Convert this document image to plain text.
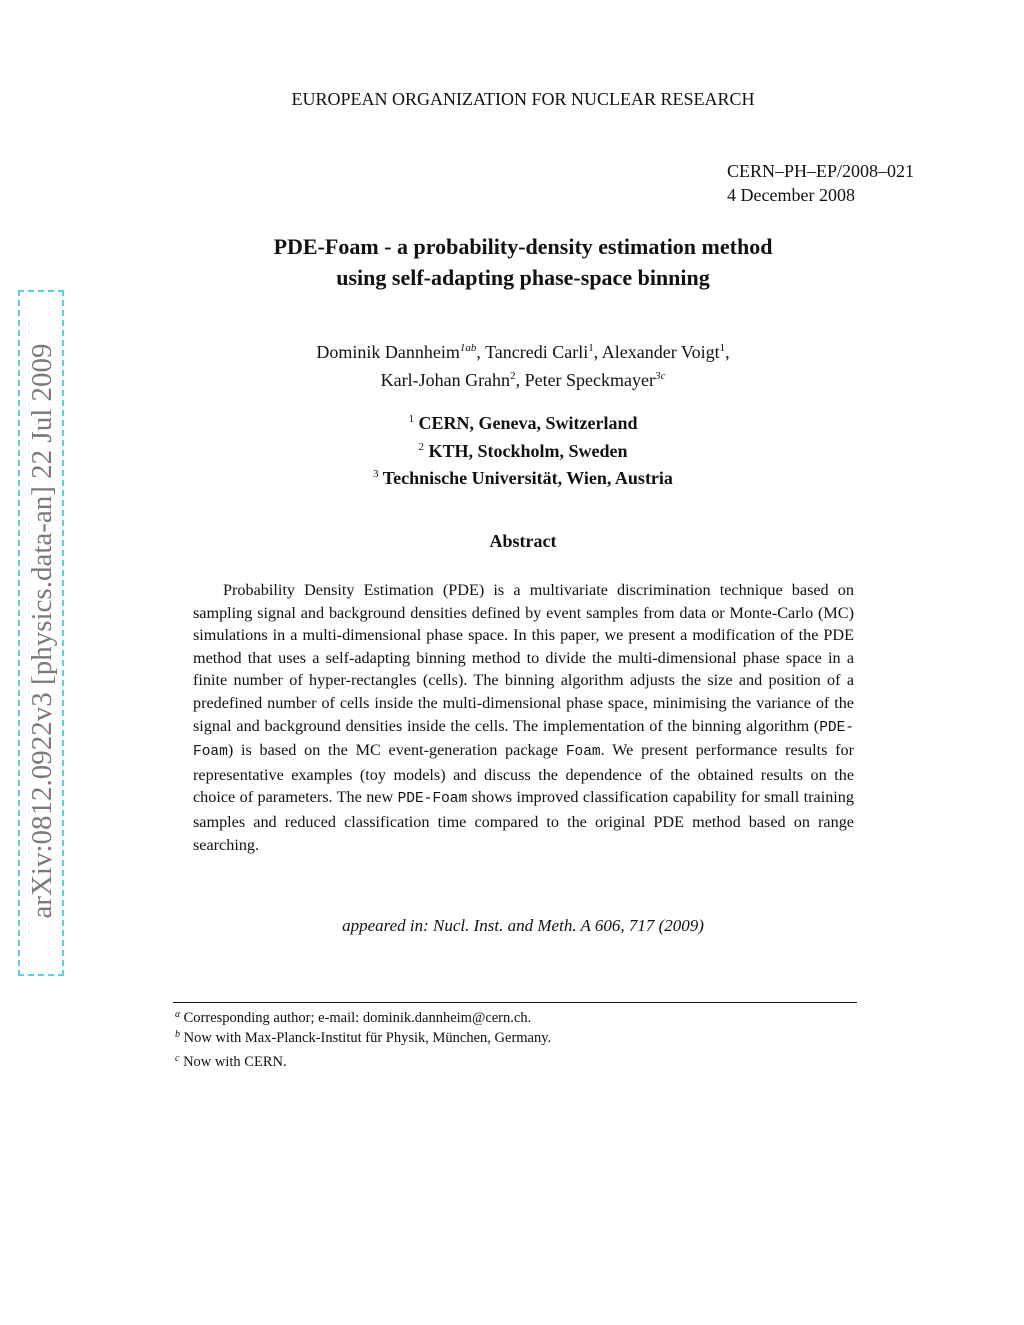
arXiv:0812.0922v3 [physics.data-an] 22 Jul 2009
EUROPEAN ORGANIZATION FOR NUCLEAR RESEARCH
CERN–PH–EP/2008–021
4 December 2008
PDE-Foam - a probability-density estimation method
using self-adapting phase-space binning
Dominik Dannheim$^{1ab}$, Tancredi Carli$^1$, Alexander Voigt$^1$,
Karl-Johan Grahn$^2$, Peter Speckmayer$^{3c}$
$^1$ CERN, Geneva, Switzerland
$^2$ KTH, Stockholm, Sweden
$^3$ Technische Universität, Wien, Austria
Abstract

Probability Density Estimation (PDE) is a multivariate discrimination technique based on sampling signal and background densities defined by event samples from data or Monte-Carlo (MC) simulations in a multi-dimensional phase space. In this paper, we present a modification of the PDE method that uses a self-adapting binning method to divide the multi-dimensional phase space in a finite number of hyper-rectangles (cells). The binning algorithm adjusts the size and position of a predefined number of cells inside the multi-dimensional phase space, minimising the variance of the signal and background densities inside the cells. The implementation of the binning algorithm (PDE-Foam) is based on the MC event-generation package Foam. We present performance results for representative examples (toy models) and discuss the dependence of the obtained results on the choice of parameters. The new PDE-Foam shows improved classification capability for small training samples and reduced classification time compared to the original PDE method based on range searching.

appeared in: Nucl. Inst. and Meth. A 606, 717 (2009)
$^a$ Corresponding author; e-mail: dominik.dannheim@cern.ch.
$^b$ Now with Max-Planck-Institut für Physik, München, Germany.
$^c$ Now with CERN.
